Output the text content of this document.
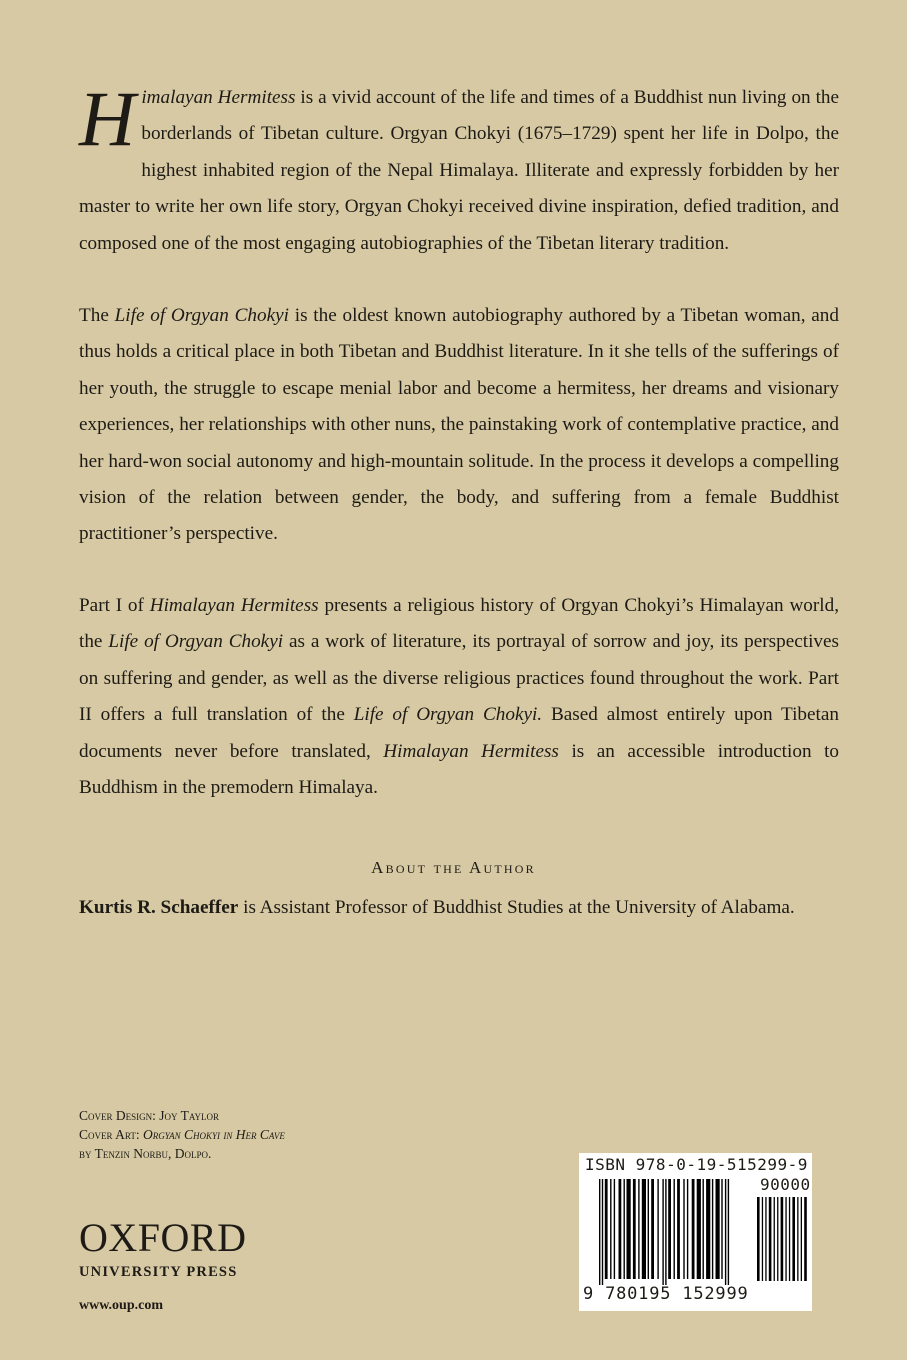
Himalayan Hermitess is a vivid account of the life and times of a Buddhist nun living on the borderlands of Tibetan culture. Orgyan Chokyi (1675–1729) spent her life in Dolpo, the highest inhabited region of the Nepal Himalaya. Illiterate and expressly forbidden by her master to write her own life story, Orgyan Chokyi received divine inspiration, defied tradition, and composed one of the most engaging autobiographies of the Tibetan literary tradition.

The Life of Orgyan Chokyi is the oldest known autobiography authored by a Tibetan woman, and thus holds a critical place in both Tibetan and Buddhist literature. In it she tells of the sufferings of her youth, the struggle to escape menial labor and become a hermitess, her dreams and visionary experiences, her relationships with other nuns, the painstaking work of contemplative practice, and her hard-won social autonomy and high-mountain solitude. In the process it develops a compelling vision of the relation between gender, the body, and suffering from a female Buddhist practitioner’s perspective.

Part I of Himalayan Hermitess presents a religious history of Orgyan Chokyi’s Himalayan world, the Life of Orgyan Chokyi as a work of literature, its portrayal of sorrow and joy, its perspectives on suffering and gender, as well as the diverse religious practices found throughout the work. Part II offers a full translation of the Life of Orgyan Chokyi. Based almost entirely upon Tibetan documents never before translated, Himalayan Hermitess is an accessible introduction to Buddhism in the premodern Himalaya.

About the Author
Kurtis R. Schaeffer is Assistant Professor of Buddhist Studies at the University of Alabama.
Cover Design: Joy Taylor
Cover Art: Orgyan Chokyi in Her Cave
by Tenzin Norbu, Dolpo.
OXFORD
UNIVERSITY PRESS
www.oup.com
ISBN 978-0-19-515299-9
90000
9 780195 152999
